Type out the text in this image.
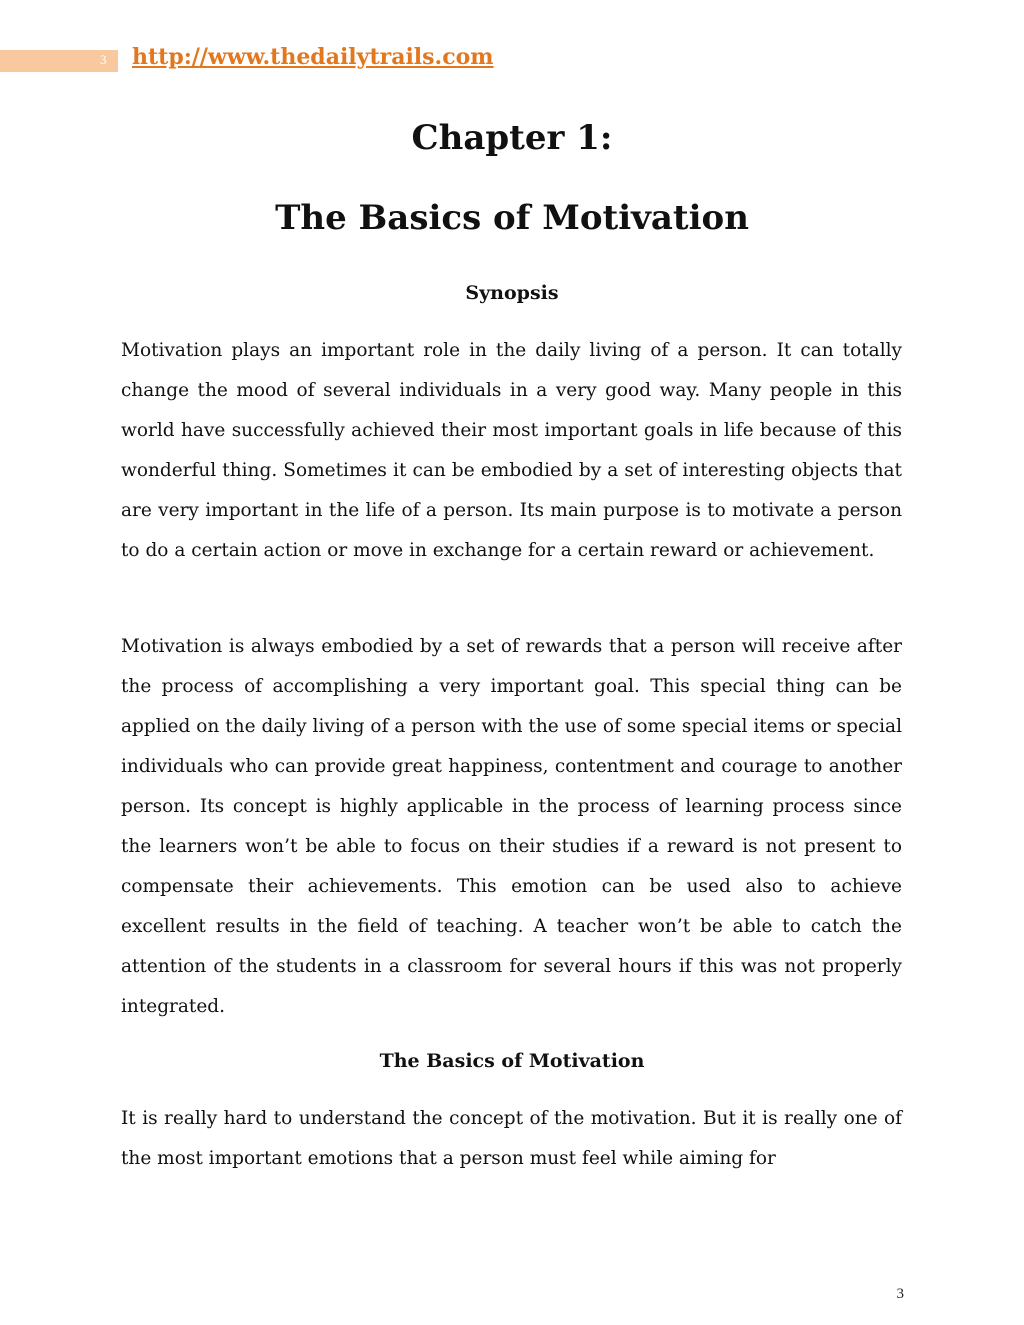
3 http://www.thedailytrails.com
Chapter 1:
The Basics of Motivation
Synopsis

Motivation plays an important role in the daily living of a person. It can totally change the mood of several individuals in a very good way. Many people in this world have successfully achieved their most important goals in life because of this wonderful thing. Sometimes it can be embodied by a set of interesting objects that are very important in the life of a person. Its main purpose is to motivate a person to do a certain action or move in exchange for a certain reward or achievement.

Motivation is always embodied by a set of rewards that a person will receive after the process of accomplishing a very important goal. This special thing can be applied on the daily living of a person with the use of some special items or special individuals who can provide great happiness, contentment and courage to another person. Its concept is highly applicable in the process of learning process since the learners won’t be able to focus on their studies if a reward is not present to compensate their achievements. This emotion can be used also to achieve excellent results in the field of teaching. A teacher won’t be able to catch the attention of the students in a classroom for several hours if this was not properly integrated.

The Basics of Motivation

It is really hard to understand the concept of the motivation. But it is really one of the most important emotions that a person must feel while aiming for

3
